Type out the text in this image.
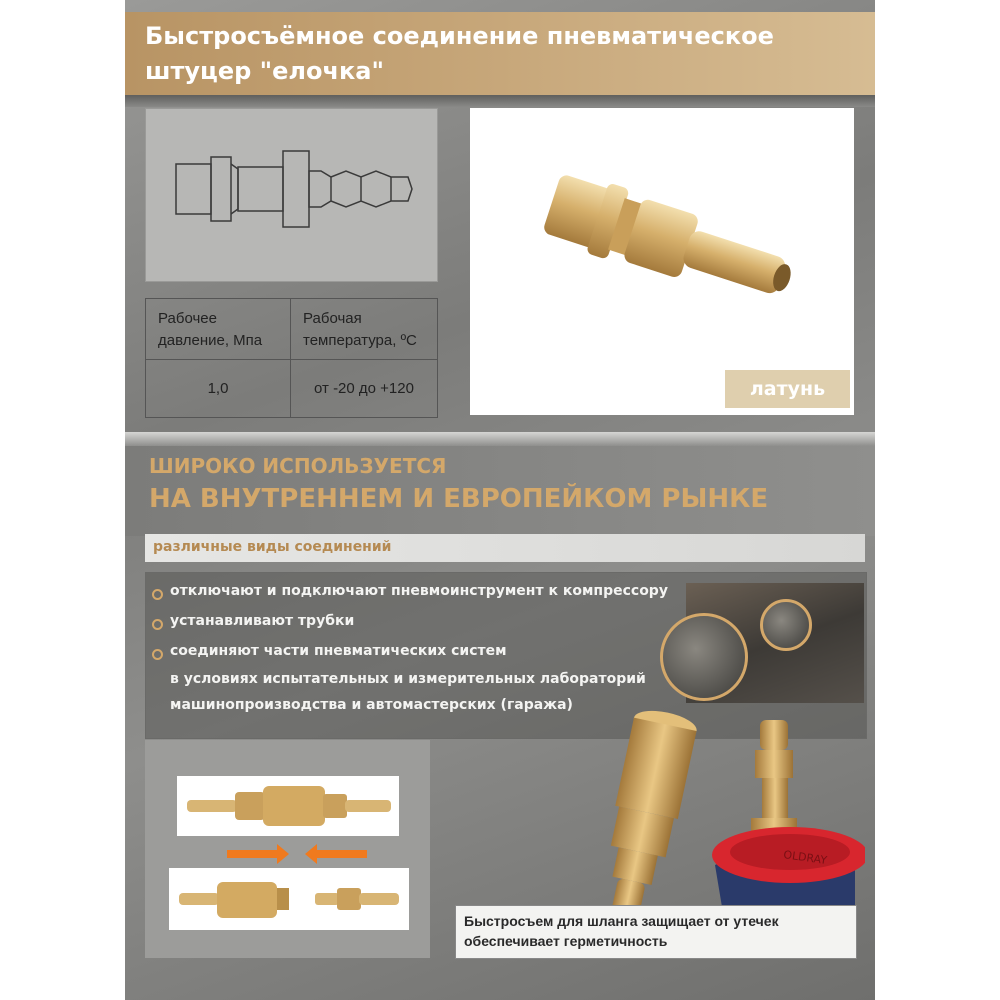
Быстросъёмное соединение пневматическое
штуцер "елочка"
Рабочее
давление, Мпа
Рабочая
температура, ºС
1,0	от -20 до +120	латунь
ШИРОКО ИСПОЛЬЗУЕТСЯ
НА ВНУТРЕННЕМ И ЕВРОПЕЙКОМ РЫНКЕ
различные виды соединений
отключают и подключают пневмоинструмент к компрессору
устанавливают трубки
соединяют части пневматических систем
в условиях испытательных и измерительных лабораторий
машинопроизводства и автомастерских (гаража)
OLDRAY
Быстросъем для шланга защищает от утечек
обеспечивает герметичность
